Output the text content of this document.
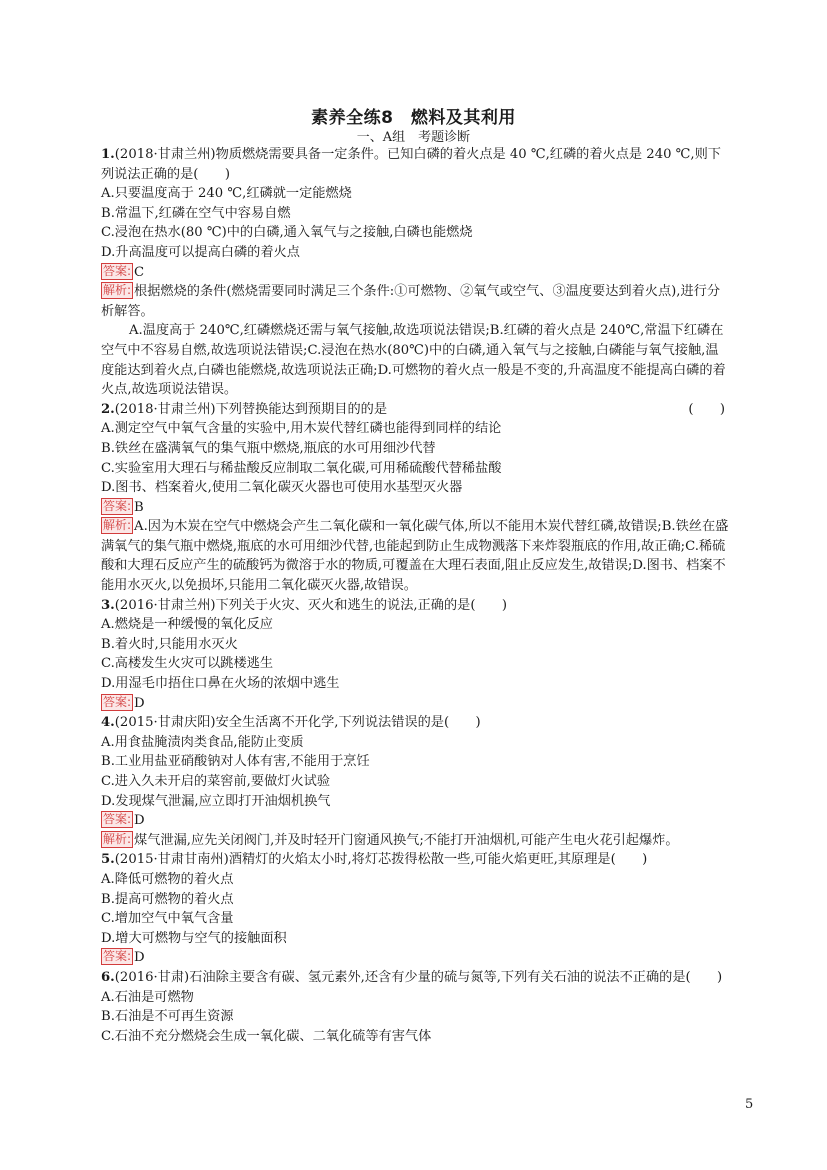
素养全练8　燃料及其利用
一、A组　考题诊断
1.(2018·甘肃兰州)物质燃烧需要具备一定条件。已知白磷的着火点是 40 ℃,红磷的着火点是 240 ℃,则下列说法正确的是(　　)
A.只要温度高于 240 ℃,红磷就一定能燃烧
B.常温下,红磷在空气中容易自燃
C.浸泡在热水(80 ℃)中的白磷,通入氧气与之接触,白磷也能燃烧
D.升高温度可以提高白磷的着火点
答案: C
解析: 根据燃烧的条件(燃烧需要同时满足三个条件:①可燃物、②氧气或空气、③温度要达到着火点),进行分析解答。
A.温度高于 240℃,红磷燃烧还需与氧气接触,故选项说法错误;B.红磷的着火点是 240℃,常温下红磷在空气中不容易自燃,故选项说法错误;C.浸泡在热水(80℃)中的白磷,通入氧气与之接触,白磷能与氧气接触,温度能达到着火点,白磷也能燃烧,故选项说法正确;D.可燃物的着火点一般是不变的,升高温度不能提高白磷的着火点,故选项说法错误。
2.(2018·甘肃兰州)下列替换能达到预期目的的是	(　　)
A.测定空气中氧气含量的实验中,用木炭代替红磷也能得到同样的结论
B.铁丝在盛满氧气的集气瓶中燃烧,瓶底的水可用细沙代替
C.实验室用大理石与稀盐酸反应制取二氧化碳,可用稀硫酸代替稀盐酸
D.图书、档案着火,使用二氧化碳灭火器也可使用水基型灭火器
答案: B
解析: A.因为木炭在空气中燃烧会产生二氧化碳和一氧化碳气体,所以不能用木炭代替红磷,故错误;B.铁丝在盛满氧气的集气瓶中燃烧,瓶底的水可用细沙代替,也能起到防止生成物溅落下来炸裂瓶底的作用,故正确;C.稀硫酸和大理石反应产生的硫酸钙为微溶于水的物质,可覆盖在大理石表面,阻止反应发生,故错误;D.图书、档案不能用水灭火,以免损坏,只能用二氧化碳灭火器,故错误。
3.(2016·甘肃兰州)下列关于火灾、灭火和逃生的说法,正确的是(　　)
A.燃烧是一种缓慢的氧化反应
B.着火时,只能用水灭火
C.高楼发生火灾可以跳楼逃生
D.用湿毛巾捂住口鼻在火场的浓烟中逃生
答案: D
4.(2015·甘肃庆阳)安全生活离不开化学,下列说法错误的是(　　)
A.用食盐腌渍肉类食品,能防止变质
B.工业用盐亚硝酸钠对人体有害,不能用于烹饪
C.进入久未开启的菜窖前,要做灯火试验
D.发现煤气泄漏,应立即打开油烟机换气
答案: D
解析: 煤气泄漏,应先关闭阀门,并及时轻开门窗通风换气;不能打开油烟机,可能产生电火花引起爆炸。
5.(2015·甘肃甘南州)酒精灯的火焰太小时,将灯芯拨得松散一些,可能火焰更旺,其原理是(　　)
A.降低可燃物的着火点
B.提高可燃物的着火点
C.增加空气中氧气含量
D.增大可燃物与空气的接触面积
答案: D
6.(2016·甘肃)石油除主要含有碳、氢元素外,还含有少量的硫与氮等,下列有关石油的说法不正确的是(　　)
A.石油是可燃物
B.石油是不可再生资源
C.石油不充分燃烧会生成一氧化碳、二氧化硫等有害气体
5
